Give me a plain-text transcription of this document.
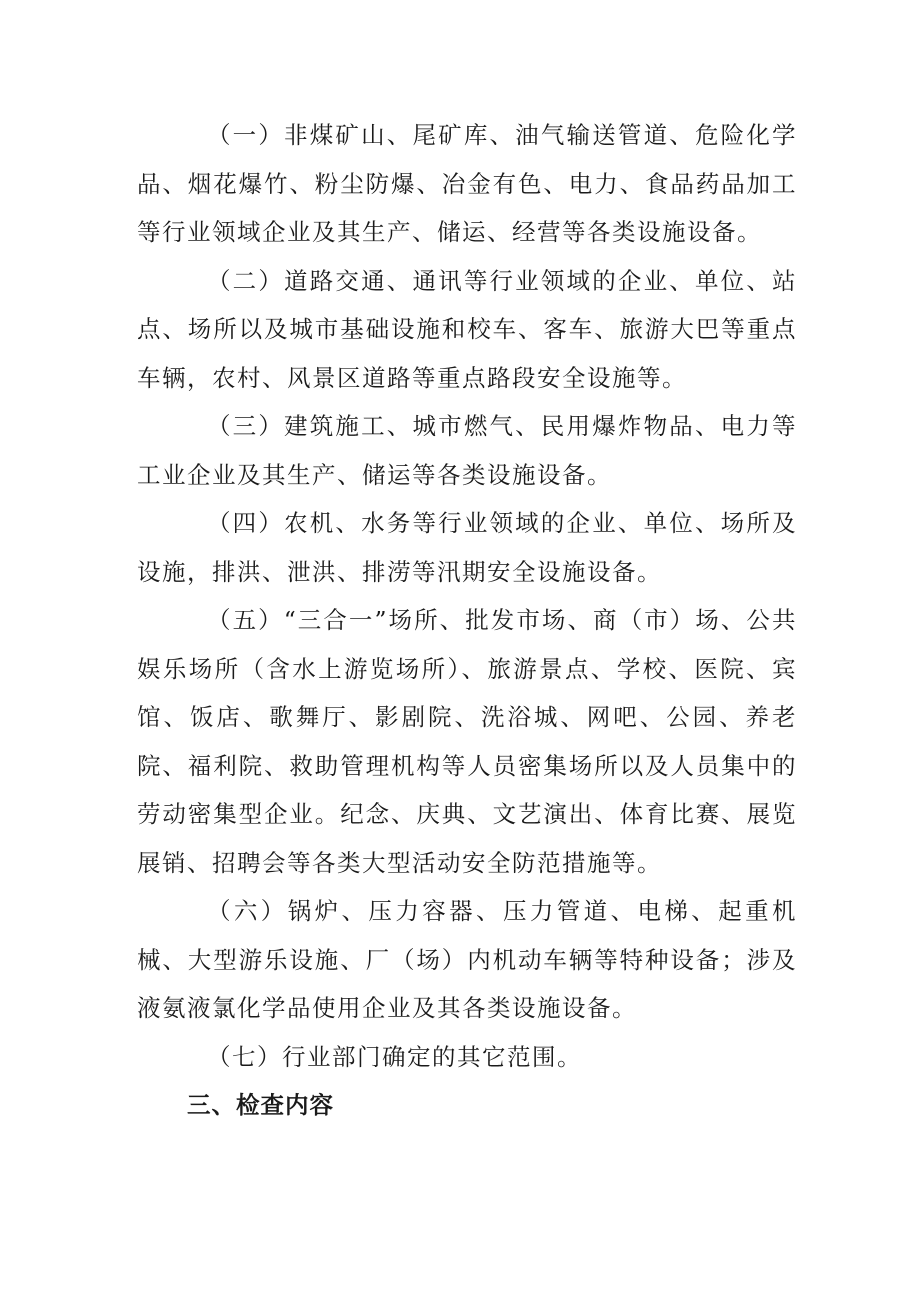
（一）非煤矿山、尾矿库、油气输送管道、危险化学品、烟花爆竹、粉尘防爆、冶金有色、电力、食品药品加工等行业领域企业及其生产、储运、经营等各类设施设备。

（二）道路交通、通讯等行业领域的企业、单位、站点、场所以及城市基础设施和校车、客车、旅游大巴等重点车辆，农村、风景区道路等重点路段安全设施等。

（三）建筑施工、城市燃气、民用爆炸物品、电力等工业企业及其生产、储运等各类设施设备。

（四）农机、水务等行业领域的企业、单位、场所及设施，排洪、泄洪、排涝等汛期安全设施设备。

（五）“三合一”场所、批发市场、商（市）场、公共娱乐场所（含水上游览场所）、旅游景点、学校、医院、宾馆、饭店、歌舞厅、影剧院、洗浴城、网吧、公园、养老院、福利院、救助管理机构等人员密集场所以及人员集中的劳动密集型企业。纪念、庆典、文艺演出、体育比赛、展览展销、招聘会等各类大型活动安全防范措施等。

（六）锅炉、压力容器、压力管道、电梯、起重机械、大型游乐设施、厂（场）内机动车辆等特种设备；涉及液氨液氯化学品使用企业及其各类设施设备。

（七）行业部门确定的其它范围。

三、检查内容
